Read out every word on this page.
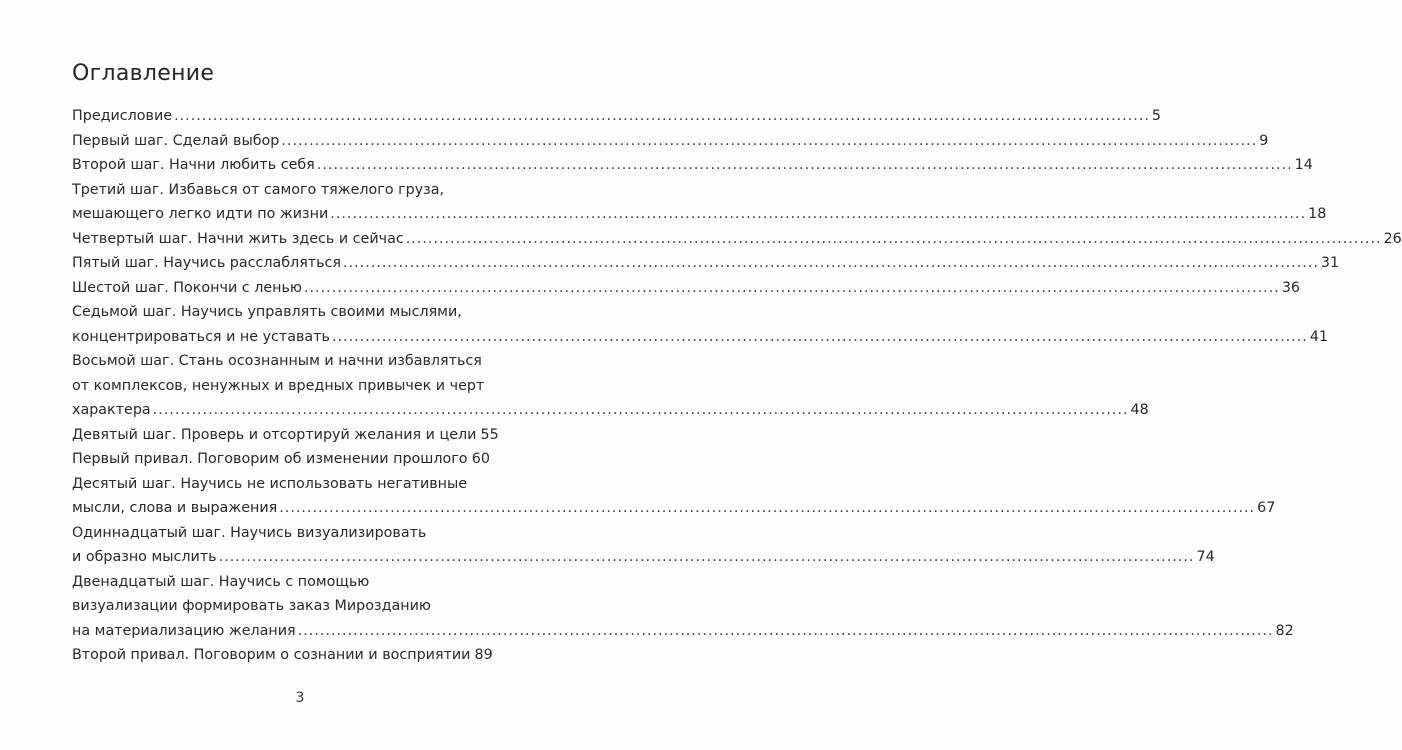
Оглавление
Предисловие .....	5
Первый шаг. Сделай выбор .....	9
Второй шаг. Начни любить себя .....	14
Третий шаг. Избавься от самого тяжелого груза,
мешающего легко идти по жизни .....	18
Четвертый шаг. Начни жить здесь и сейчас .....	26
Пятый шаг. Научись расслабляться .....	31
Шестой шаг. Покончи с ленью .....	36
Седьмой шаг. Научись управлять своими мыслями,
концентрироваться и не уставать .....	41
Восьмой шаг. Стань осознанным и начни избавляться
от комплексов, ненужных и вредных привычек и черт
характера .....	48
Девятый шаг. Проверь и отсортируй желания и цели 55
Первый привал. Поговорим об изменении прошлого ..... 60
Десятый шаг. Научись не использовать негативные
мысли, слова и выражения .....	67
Одиннадцатый шаг. Научись визуализировать
и образно мыслить .....	74
Двенадцатый шаг. Научись с помощью
визуализации формировать заказ Мирозданию
на материализацию желания .....	82
Второй привал. Поговорим о сознании и восприятии 89
3
